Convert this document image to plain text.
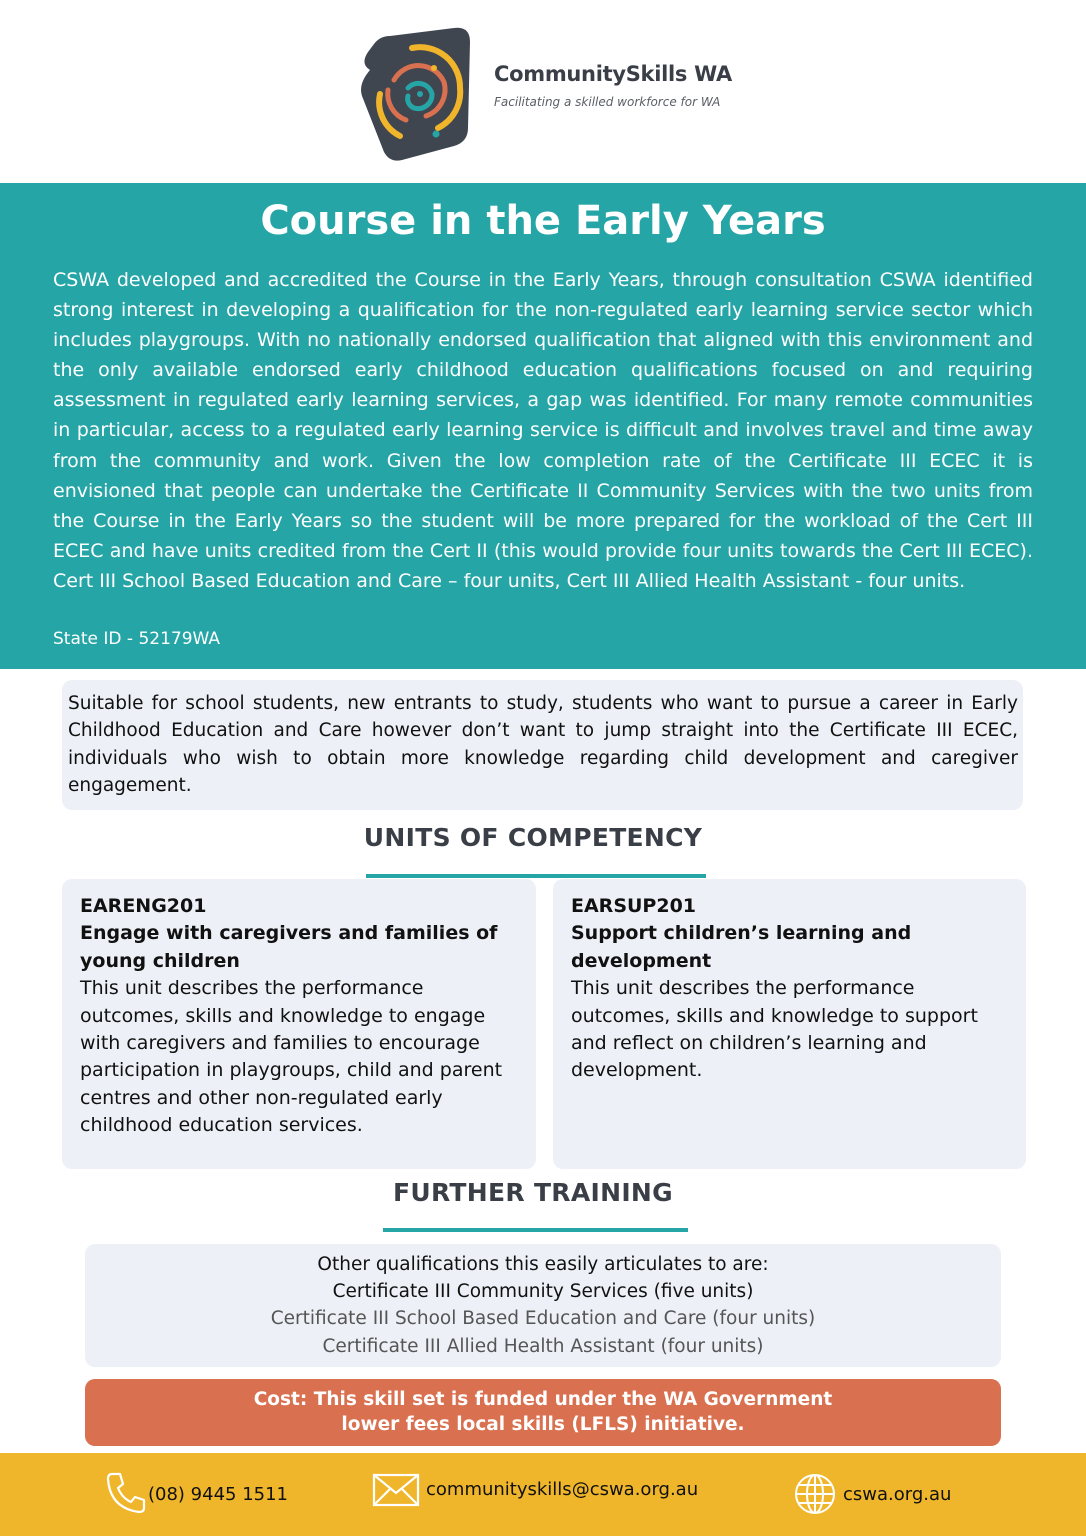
CommunitySkills WA
Facilitating a skilled workforce for WA
Course in the Early Years
CSWA developed and accredited the Course in the Early Years, through consultation CSWA identified strong interest in developing a qualification for the non-regulated early learning service sector which includes playgroups. With no nationally endorsed qualification that aligned with this environment and the only available endorsed early childhood education qualifications focused on and requiring assessment in regulated early learning services, a gap was identified. For many remote communities in particular, access to a regulated early learning service is difficult and involves travel and time away from the community and work. Given the low completion rate of the Certificate III ECEC it is envisioned that people can undertake the Certificate II Community Services with the two units from the Course in the Early Years so the student will be more prepared for the workload of the Cert III ECEC and have units credited from the Cert II (this would provide four units towards the Cert III ECEC). Cert III School Based Education and Care – four units, Cert III Allied Health Assistant - four units.
State ID - 52179WA
Suitable for school students, new entrants to study, students who want to pursue a career in Early Childhood Education and Care however don’t want to jump straight into the Certificate III ECEC, individuals who wish to obtain more knowledge regarding child development and caregiver engagement.
UNITS OF COMPETENCY
EARENG201
Engage with caregivers and families of young children
This unit describes the performance outcomes, skills and knowledge to engage with caregivers and families to encourage participation in playgroups, child and parent centres and other non-regulated early childhood education services.
EARSUP201
Support children’s learning and development
This unit describes the performance outcomes, skills and knowledge to support and reflect on children’s learning and development.
FURTHER TRAINING
Other qualifications this easily articulates to are:
Certificate III Community Services (five units)
Certificate III School Based Education and Care (four units)
Certificate III Allied Health Assistant (four units)
Cost: This skill set is funded under the WA Government
lower fees local skills (LFLS) initiative.
(08) 9445 1511	communityskills@cswa.org.au	cswa.org.au
